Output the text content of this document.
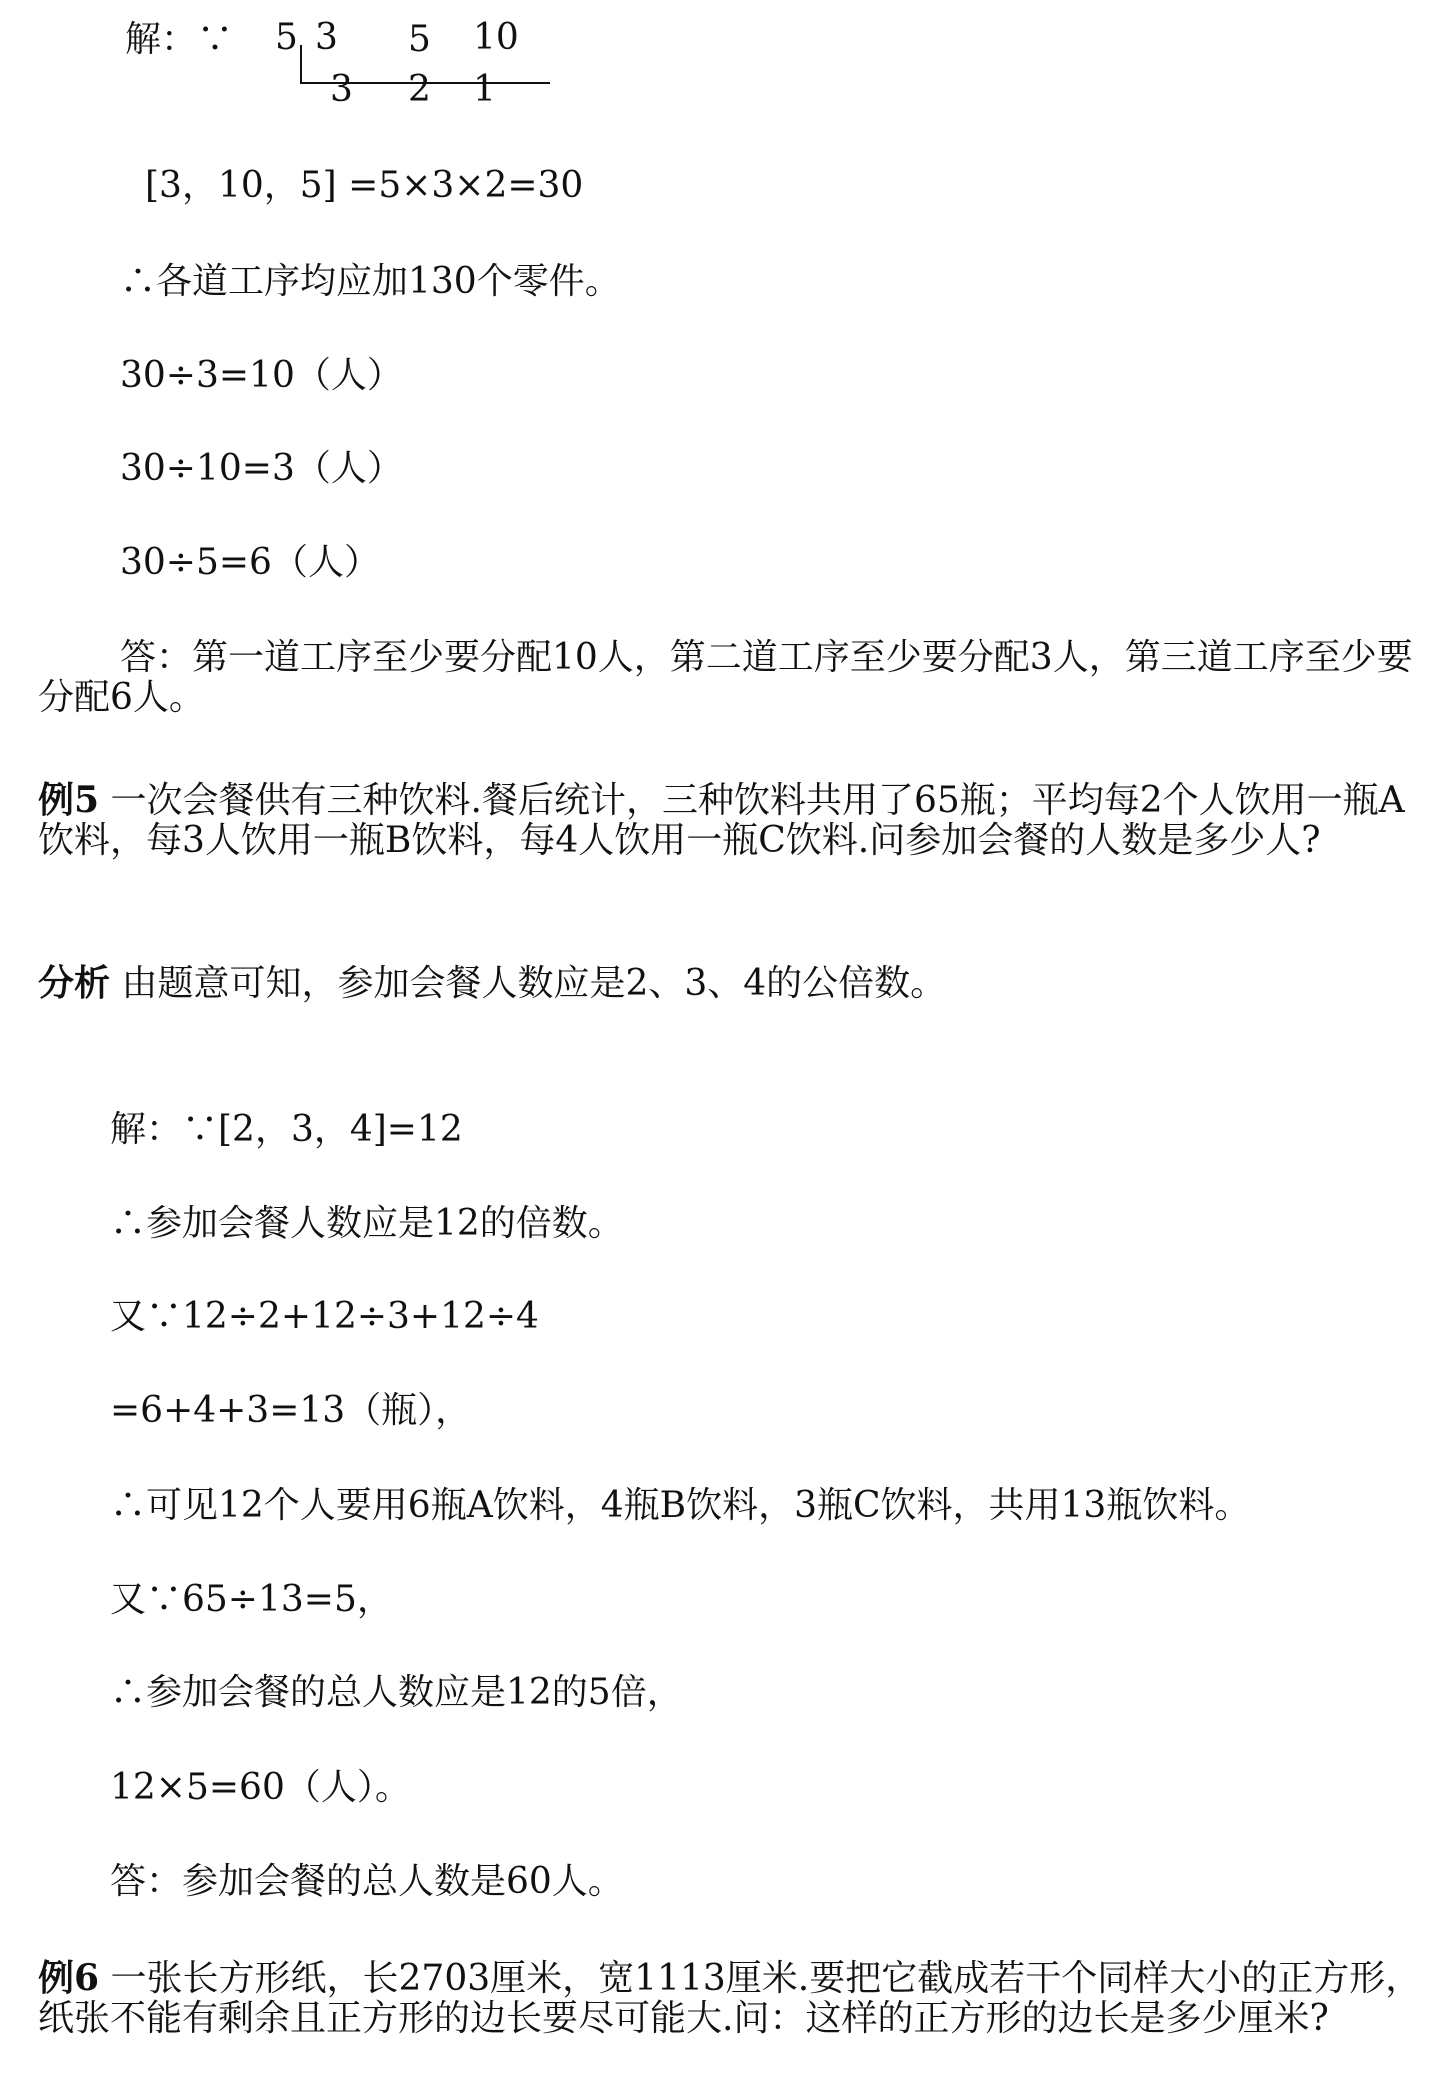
解：∵ 5 3 5 10
3 2 1
[3，10，5] =5×3×2=30
∴各道工序均应加130个零件。
30÷3=10（人）
30÷10=3（人）
30÷5=6（人）
答：第一道工序至少要分配10人，第二道工序至少要分配3人，第三道工序至少要分配6人。
例5 一次会餐供有三种饮料.餐后统计，三种饮料共用了65瓶；平均每2个人饮用一瓶A饮料，每3人饮用一瓶B饮料，每4人饮用一瓶C饮料.问参加会餐的人数是多少人?
分析 由题意可知，参加会餐人数应是2、3、4的公倍数。
解：∵[2，3，4]=12
∴参加会餐人数应是12的倍数。
又∵12÷2+12÷3+12÷4
=6+4+3=13（瓶），
∴可见12个人要用6瓶A饮料，4瓶B饮料，3瓶C饮料，共用13瓶饮料。
又∵65÷13=5，
∴参加会餐的总人数应是12的5倍，
12×5=60（人）。
答：参加会餐的总人数是60人。
例6 一张长方形纸，长2703厘米，宽1113厘米.要把它截成若干个同样大小的正方形，纸张不能有剩余且正方形的边长要尽可能大.问：这样的正方形的边长是多少厘米?
